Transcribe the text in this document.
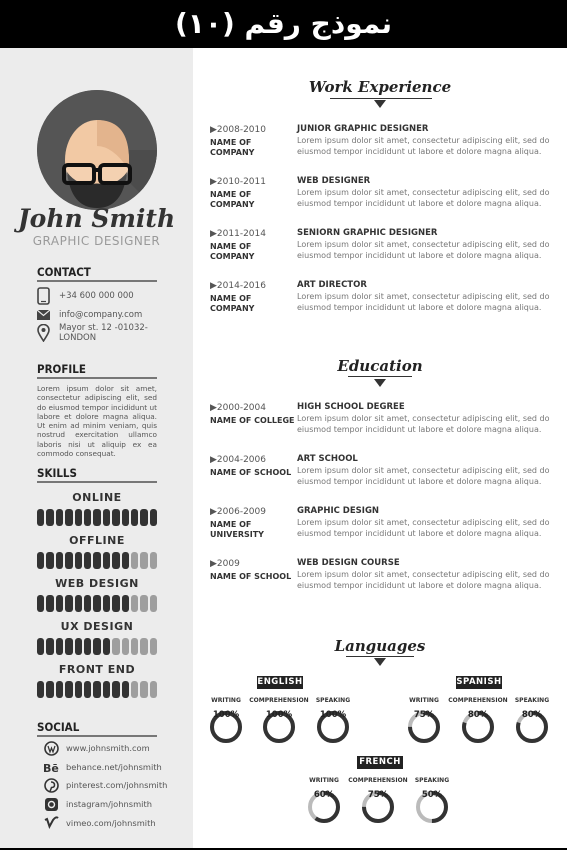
نموذج رقم (١٠)
John Smith
GRAPHIC DESIGNER
CONTACT
+34 600 000 000
info@company.com
Mayor st. 12 -01032- LONDON
PROFILE
Lorem ipsum dolor sit amet, consectetur adipiscing elit, sed do eiusmod tempor incididunt ut labore et dolore magna aliqua. Ut enim ad minim veniam, quis nostrud exercitation ullamco laboris nisi ut aliquip ex ea commodo consequat.
SKILLS
ONLINE
OFFLINE
WEB DESIGN
UX DESIGN
FRONT END
SOCIAL
www.johnsmith.com
Bē behance.net/johnsmith
pinterest.com/johnsmith
instagram/johnsmith
vimeo.com/johnsmith
Work Experience
▶2008-2010
NAME OF COMPANY
JUNIOR GRAPHIC DESIGNER
Lorem ipsum dolor sit amet, consectetur adipiscing elit, sed do eiusmod tempor incididunt ut labore et dolore magna aliqua.
▶2010-2011
NAME OF COMPANY
WEB DESIGNER
Lorem ipsum dolor sit amet, consectetur adipiscing elit, sed do eiusmod tempor incididunt ut labore et dolore magna aliqua.
▶2011-2014
NAME OF COMPANY
SENIORN GRAPHIC DESIGNER
Lorem ipsum dolor sit amet, consectetur adipiscing elit, sed do eiusmod tempor incididunt ut labore et dolore magna aliqua.
▶2014-2016
NAME OF COMPANY
ART DIRECTOR
Lorem ipsum dolor sit amet, consectetur adipiscing elit, sed do eiusmod tempor incididunt ut labore et dolore magna aliqua.
Education
▶2000-2004
NAME OF COLLEGE
HIGH SCHOOL DEGREE
Lorem ipsum dolor sit amet, consectetur adipiscing elit, sed do eiusmod tempor incididunt ut labore et dolore magna aliqua.
▶2004-2006
NAME OF SCHOOL
ART SCHOOL
Lorem ipsum dolor sit amet, consectetur adipiscing elit, sed do eiusmod tempor incididunt ut labore et dolore magna aliqua.
▶2006-2009
NAME OF UNIVERSITY
GRAPHIC DESIGN
Lorem ipsum dolor sit amet, consectetur adipiscing elit, sed do eiusmod tempor incididunt ut labore et dolore magna aliqua.
▶2009
NAME OF SCHOOL
WEB DESIGN COURSE
Lorem ipsum dolor sit amet, consectetur adipiscing elit, sed do eiusmod tempor incididunt ut labore et dolore magna aliqua.
Languages
ENGLISH
WRITING
100%
COMPREHENSION
100%
SPEAKING
100%
SPANISH
WRITING
75%
COMPREHENSION
80%
SPEAKING
80%
FRENCH
WRITING
60%
COMPREHENSION
75%
SPEAKING
50%
